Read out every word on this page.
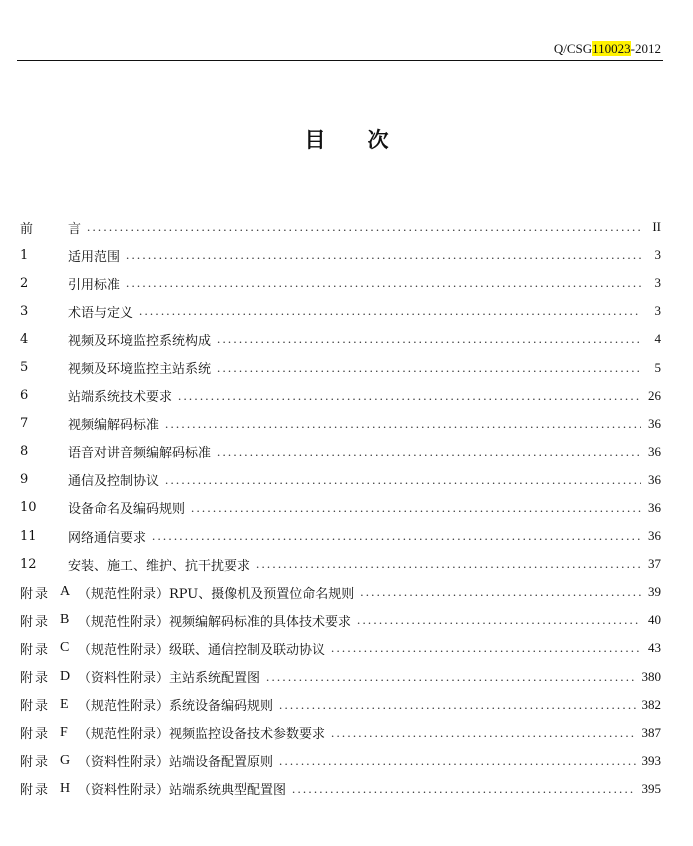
Q/CSG110023-2012
目 次
前 言 .....	II
1	适用范围 .....	3
2	引用标准 .....	3
3	术语与定义 .....	3
4	视频及环境监控系统构成 .....	4
5	视频及环境监控主站系统 .....	5
6	站端系统技术要求 .....	26
7	视频编解码标准 .....	36
8	语音对讲音频编解码标准 .....	36
9	通信及控制协议 .....	36
10	设备命名及编码规则 .....	36
11	网络通信要求 .....	36
12	安装、施工、维护、抗干扰要求 .....	37
附录 A （规范性附录）RPU、摄像机及预置位命名规则 .....	39
附录 B （规范性附录）视频编解码标准的具体技术要求 .....	40
附录 C （规范性附录）级联、通信控制及联动协议 .....	43
附录 D （资料性附录）主站系统配置图 .....	380
附录 E （规范性附录）系统设备编码规则 .....	382
附录 F （规范性附录）视频监控设备技术参数要求 .....	387
附录 G （资料性附录）站端设备配置原则 .....	393
附录 H （资料性附录）站端系统典型配置图 .....	395
